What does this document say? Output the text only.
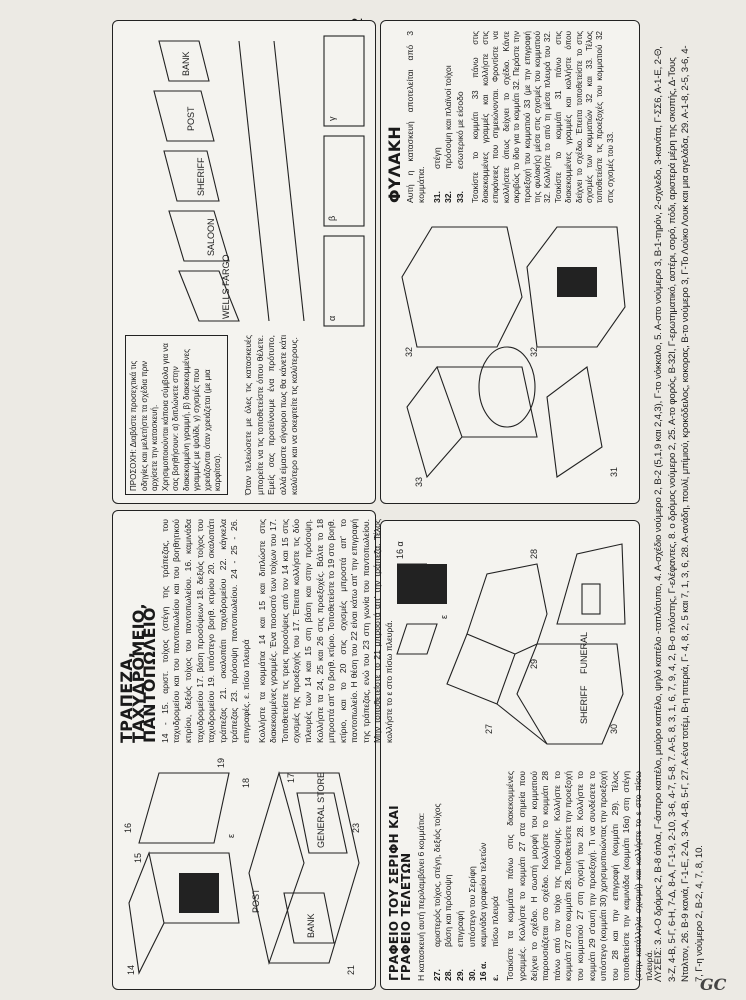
ΓΡΑΦΕΙΟ ΤΟΥ ΣΕΡΙΦΗ ΚΑΙ ΓΡΑΦΕΙΟ ΤΕΛΕΤΩΝ Η κατασκευή αυτή περιλαμβάνει 6 κομμάτια: 27.
αριστερός τοίχος, στέγη, δεξιός τοίχος
28.
βάση και πρόσοψη
29.
επιγραφή
30.
υπόστεγο του Σερίφη
16 α.
καμινάδα γραφείου τελετών
ε.
πίσω πλευρά Τσακίστε τα κομμάτια πάνω στις διακεκομμένες γραμμές. Κολλήστε το κομμάτι 27 στα σημεία που δείχνει το σχέδιο. Η σωστή μορφή του κομματιού παρουσιάζεται στο σχέδιο. Κολλήστε το κομμάτι 28 πάνω από τον τοίχο της πρόσοψης. Κολλήστε το κομμάτι 27 στο κομμάτι 28. Τοποθετείστε την προεξοχή του κομματιού 27 στη σχισμή του 28. Κολλήστε το κομμάτι 29 σ'αυτή την προεξοχή. Τι να συνδέσετε το υπόστεγο (κομμάτι 30) χρησιμοποιώντας την προεξοχή του 28 και την επιγραφή (κομμάτι 29). Τέλος τοποθετείστε την καμινάδα (κομμάτι 16α) στη στέγη (στην κατάλληλα σχισμή) και κολλήστε το ε στο πίσω πλευρά.

16 α
29
28
27
SHERIFF
FUNERAL
30
ε
14
15
16
17
18
19
21
23
BANK
POST
GENERAL STORE
ε
ΤΡΑΠΕΖΑ, ΤΑΧΥΔΡΟΜΕΙΟ, ΠΑΝΤΟΠΩΛΕΙΟ 14 - 15. αριστ. τοίχος (στέγη της τράπεζας, του ταχυδρομείου και του παντοπωλείου και του βοηθητικού κτιρίου, δεξιός τοίχος του παντοπωλείου. 16. καμινάδα ταχυδρομείου 17. βάση προσόψεων 18. δεξιός τοίχος του ταχυδρομείου 19. υπόστεγο βοηθ. κτιρίου 20. σκαλοπάτι τράπεζας 21. σκαλοπάτι ταχυδρομείου 22. κάγκελα τράπεζας 23. πρόσοψη παντοπωλείου. 24 - 25 - 26. επιγραφές. ε. πίσω πλευρά Κολλήστε τα κομμάτια 14 και 15 και διπλώστε στις διακεκομμένες γραμμές. Ένα ποσοστό των τοίχων του 17. Τοποθετείστε τις τρεις προσόψεις από τον 14 και 15 στις σχισμές της προεξοχής του 17. Έπειτα κολλήστε τις δύο πλευρές των 14 και 15 στη βάση και στην πρόσοψη. Κολλήστε τα 24, 25 και 26 στις προεξοχές. Βάλτε το 18 μπροστά απ' το βοηθ. κτίριο. Τοποθετείστε το 19 στο βοηθ. κτίριο, και το 20 στις σχισμές μπροστά απ' το παντοπωλείο. Η θέση του 22 είναι κάτω απ' την επιγραφή της τράπεζας, ενώ του 23 στη γωνία του παντοπωλείου. Μην τοποθετείστε το 21 μπροστά απ' την τράπεζα. Τέλος κολλήστε το ε στο πίσω πλευρά.

33
32
31
32
ΦΥΛΑΚΗ Αυτή η κατασκευή αποτελείται από 3 κομμάτια. 31.
στέγη
32.
πρόσοψη και πλαϊνοί τοίχοι
33.
εσωτερικό με είσοδο Τσακίστε το κομμάτι 33 πάνω στις διακεκομμένες γραμμές και κολλήστε στις επιφάνειες που σημειώνονται. Φροντίστε να κολλήσετε όπως δείχνει το σχέδιο. Κάντε ακριβώς το ίδιο για το κομμάτι 32. Περάστε την προεξοχή του κομματιού 33 (με την επιγραφή της φυλακής) μέσα στις σχισμές του κομματιού 32. Κολλήστε το από τη μέσα πλευρά του 32. Τσακίστε το κομμάτι 31 πάνω στις διακεκομμένες γραμμές και κολλήστε όπου δείχνει το σχέδιο. Έπειτα τοποθετείστε το στις σχισμές των κομματιών 32 και 33. Τέλος τοποθετείστε τις προεξοχές του κομματιού 32 στις σχισμές του 33.

ΠΡΟΣΟΧΗ: Διαβάστε προσεχτικά τις οδηγίες και μελετήστε τα σχέδια πριν αρχίσετε την κατασκευή. Χρησιμοποιούνται κάποια σύμβολα για να σας βοηθήσουν: α) διπλώνετε στην διακεκομμένη γραμμή, β) διακεκομμένες γραμμές με ψαλίδι, γ) σχισμές που χρειάζονται όταν χρειάζεται (με μια καρφίτσα).
BANK
POST
SALOON
WELLS FARGO
SHERIFF
α
β
γ

Όταν τελειώσετε με όλες τις κατασκευές μπορείτε να τις τοποθετείστε όπου θέλετε. Εμείς σας προτείνουμε ένα πρότυπο, αλλά είμαστε σίγουροι πως θα κάνετε κάτι καλύτερο και να σκεφτείτε τις καλύτερους.	ΛΥΣΕΙΣ: 3. Α-Ο δρόμος 2, Β-8 όπλα, Γ-άσπρο καπέλο, μαύρο καπέλο, ψηλό καπέλο -ταπλότυπο, 4. Α-σχέδιο νούμερο 2, Β-2 (5,1,9 και 2,4,3), Γ-το νόκκαλο, 5. Α-στο νούμερο 3, Β-1-τηρόν, 2-σχιλεδο, 3-κανάτα, Γ-ΣΣ6, Α-1-Ε, 2-Θ, 3-Ζ, 4-Β, 5-Γ, 6-Η, 7-Δ, 8-Α, Γ-1-9, 2-10, 3-6, 4-7, 5-8, 7. Α-5, 8, 3, 1, 6, 7, 9, 4, 2, Β-ο πλόστης, Γ-ελέφαντες, 8. ο δρόμος νούμερο 2, 25. Α-το φορός, Β-32Ι, Γ-ερωτηματικό, αστέρι, σορό, πόδι, αριστερά μέρη της σκοπής, Δ-Τους Νταλτον, 26. Β-9 κανιά, Γ-1-Ε, 2-Δ, 3-Α, 4-Β, 5-Γ, 27. Α-ένα τοτέμ, Β-η πιτεριά, Γ- 4, 8, 2, 5 και 7, 1, 3, 6, 28. Α-ανάδη, πουλί, μπίμιού, κροκόδειλος, κοκορας, Β-το νούμερο 3, Γ-Το Λούκο Λουκ και μια αγελάδα, 29. Α-1-8, 2-5, 3-6, 4-7, Γ-η νούμερο 2, Β-2, 4, 7, 8, 10.
GC
